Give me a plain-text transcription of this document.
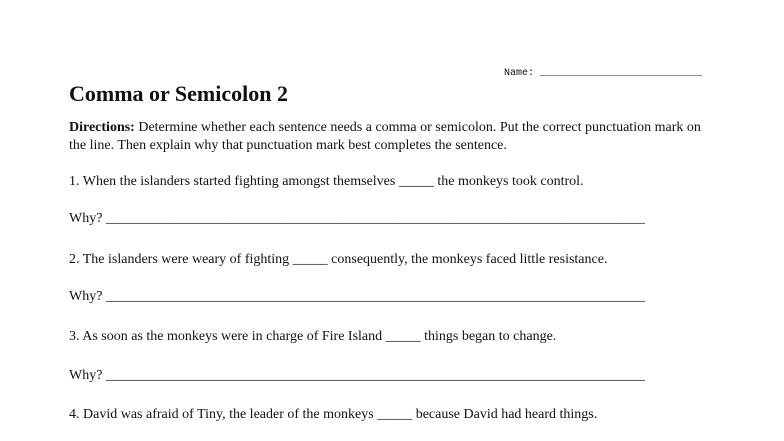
Name: ___________________________
Comma or Semicolon 2

Directions: Determine whether each sentence needs a comma or semicolon. Put the correct punctuation mark on the line. Then explain why that punctuation mark best completes the sentence.

1. When the islanders started fighting amongst themselves _____ the monkeys took control.

Why? _____________________________________________________________________________

2. The islanders were weary of fighting _____ consequently, the monkeys faced little resistance.

Why? _____________________________________________________________________________

3. As soon as the monkeys were in charge of Fire Island _____ things began to change.

Why? _____________________________________________________________________________

4. David was afraid of Tiny, the leader of the monkeys _____ because David had heard things.
